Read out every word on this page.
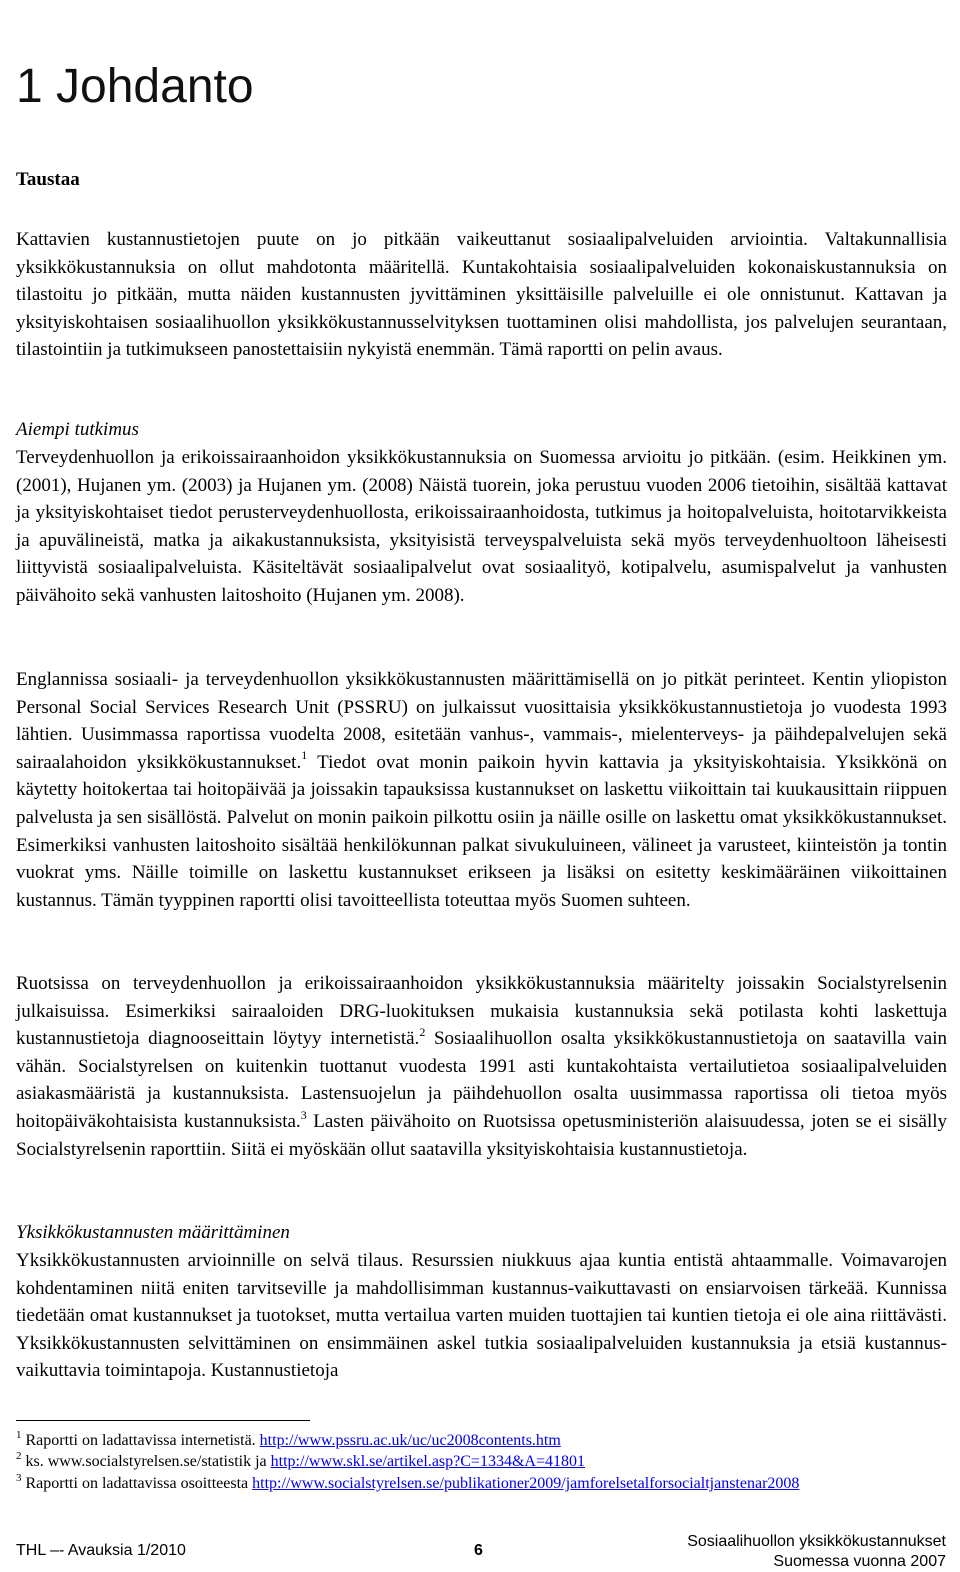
1 Johdanto

Taustaa

Kattavien kustannustietojen puute on jo pitkään vaikeuttanut sosiaalipalveluiden arviointia. Valtakunnallisia yksikkökustannuksia on ollut mahdotonta määritellä. Kuntakohtaisia sosiaalipalveluiden kokonaiskustannuksia on tilastoitu jo pitkään, mutta näiden kustannusten jyvittäminen yksittäisille palveluille ei ole onnistunut. Kattavan ja yksityiskohtaisen sosiaalihuollon yksikkökustannusselvityksen tuottaminen olisi mahdollista, jos palvelujen seurantaan, tilastointiin ja tutkimukseen panostettaisiin nykyistä enemmän. Tämä raportti on pelin avaus.

Aiempi tutkimus

Terveydenhuollon ja erikoissairaanhoidon yksikkökustannuksia on Suomessa arvioitu jo pitkään. (esim. Heikkinen ym. (2001), Hujanen ym. (2003) ja Hujanen ym. (2008) Näistä tuorein, joka perustuu vuoden 2006 tietoihin, sisältää kattavat ja yksityiskohtaiset tiedot perusterveydenhuollosta, erikoissairaanhoidosta, tutkimus ja hoitopalveluista, hoitotarvikkeista ja apuvälineistä, matka ja aikakustannuksista, yksityisistä terveyspalveluista sekä myös terveydenhuoltoon läheisesti liittyvistä sosiaalipalveluista. Käsiteltävät sosiaalipalvelut ovat sosiaalityö, kotipalvelu, asumispalvelut ja vanhusten päivähoito sekä vanhusten laitoshoito (Hujanen ym. 2008).

Englannissa sosiaali- ja terveydenhuollon yksikkökustannusten määrittämisellä on jo pitkät perinteet. Kentin yliopiston Personal Social Services Research Unit (PSSRU) on julkaissut vuosittaisia yksikkökustannustietoja jo vuodesta 1993 lähtien. Uusimmassa raportissa vuodelta 2008, esitetään vanhus-, vammais-, mielenterveys- ja päihdepalvelujen sekä sairaalahoidon yksikkökustannukset.$^1$ Tiedot ovat monin paikoin hyvin kattavia ja yksityiskohtaisia. Yksikkönä on käytetty hoitokertaa tai hoitopäivää ja joissakin tapauksissa kustannukset on laskettu viikoittain tai kuukausittain riippuen palvelusta ja sen sisällöstä. Palvelut on monin paikoin pilkottu osiin ja näille osille on laskettu omat yksikkökustannukset. Esimerkiksi vanhusten laitoshoito sisältää henkilökunnan palkat sivukuluineen, välineet ja varusteet, kiinteistön ja tontin vuokrat yms. Näille toimille on laskettu kustannukset erikseen ja lisäksi on esitetty keskimääräinen viikoittainen kustannus. Tämän tyyppinen raportti olisi tavoitteellista toteuttaa myös Suomen suhteen.

Ruotsissa on terveydenhuollon ja erikoissairaanhoidon yksikkökustannuksia määritelty joissakin Socialstyrelsenin julkaisuissa. Esimerkiksi sairaaloiden DRG-luokituksen mukaisia kustannuksia sekä potilasta kohti laskettuja kustannustietoja diagnooseittain löytyy internetistä.$^2$ Sosiaalihuollon osalta yksikkökustannustietoja on saatavilla vain vähän. Socialstyrelsen on kuitenkin tuottanut vuodesta 1991 asti kuntakohtaista vertailutietoa sosiaalipalveluiden asiakasmääristä ja kustannuksista. Lastensuojelun ja päihdehuollon osalta uusimmassa raportissa oli tietoa myös hoitopäiväkohtaisista kustannuksista.$^3$ Lasten päivähoito on Ruotsissa opetusministeriön alaisuudessa, joten se ei sisälly Socialstyrelsenin raporttiin. Siitä ei myöskään ollut saatavilla yksityiskohtaisia kustannustietoja.

Yksikkökustannusten määrittäminen

Yksikkökustannusten arvioinnille on selvä tilaus. Resurssien niukkuus ajaa kuntia entistä ahtaammalle. Voimavarojen kohdentaminen niitä eniten tarvitseville ja mahdollisimman kustannus-vaikuttavasti on ensiarvoisen tärkeää. Kunnissa tiedetään omat kustannukset ja tuotokset, mutta vertailua varten muiden tuottajien tai kuntien tietoja ei ole aina riittävästi. Yksikkökustannusten selvittäminen on ensimmäinen askel tutkia sosiaalipalveluiden kustannuksia ja etsiä kustannus-vaikuttavia toimintapoja. Kustannustietoja

$^1$ Raportti on ladattavissa internetistä. http://www.pssru.ac.uk/uc/uc2008contents.htm

$^2$ ks. www.socialstyrelsen.se/statistik ja http://www.skl.se/artikel.asp?C=1334&A=41801

$^3$ Raportti on ladattavissa osoitteesta http://www.socialstyrelsen.se/publikationer2009/jamforelsetalforsocialtjanstenar2008

THL –- Avauksia 1/2010	6

Sosiaalihuollon yksikkökustannukset
Suomessa vuonna 2007
